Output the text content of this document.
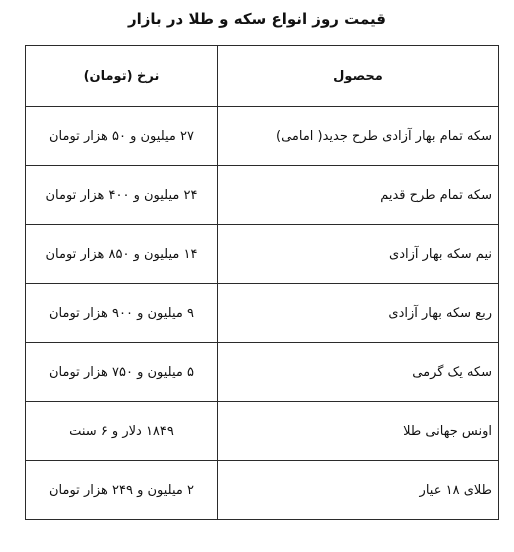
قیمت روز انواع سکه و طلا در بازار
محصول	نرخ (تومان)
سکه تمام بهار آزادی طرح جدید( امامی)	۲۷ میلیون و ۵۰ هزار تومان
سکه تمام طرح قدیم	۲۴ میلیون و ۴۰۰ هزار تومان
نیم سکه بهار آزادی	۱۴ میلیون و ۸۵۰ هزار تومان
ربع سکه بهار آزادی	۹ میلیون و ۹۰۰ هزار تومان
سکه یک گرمی	۵ میلیون و ۷۵۰ هزار تومان
اونس جهانی طلا	۱۸۴۹ دلار و ۶ سنت
طلای ۱۸ عیار	۲ میلیون و ۲۴۹ هزار تومان
